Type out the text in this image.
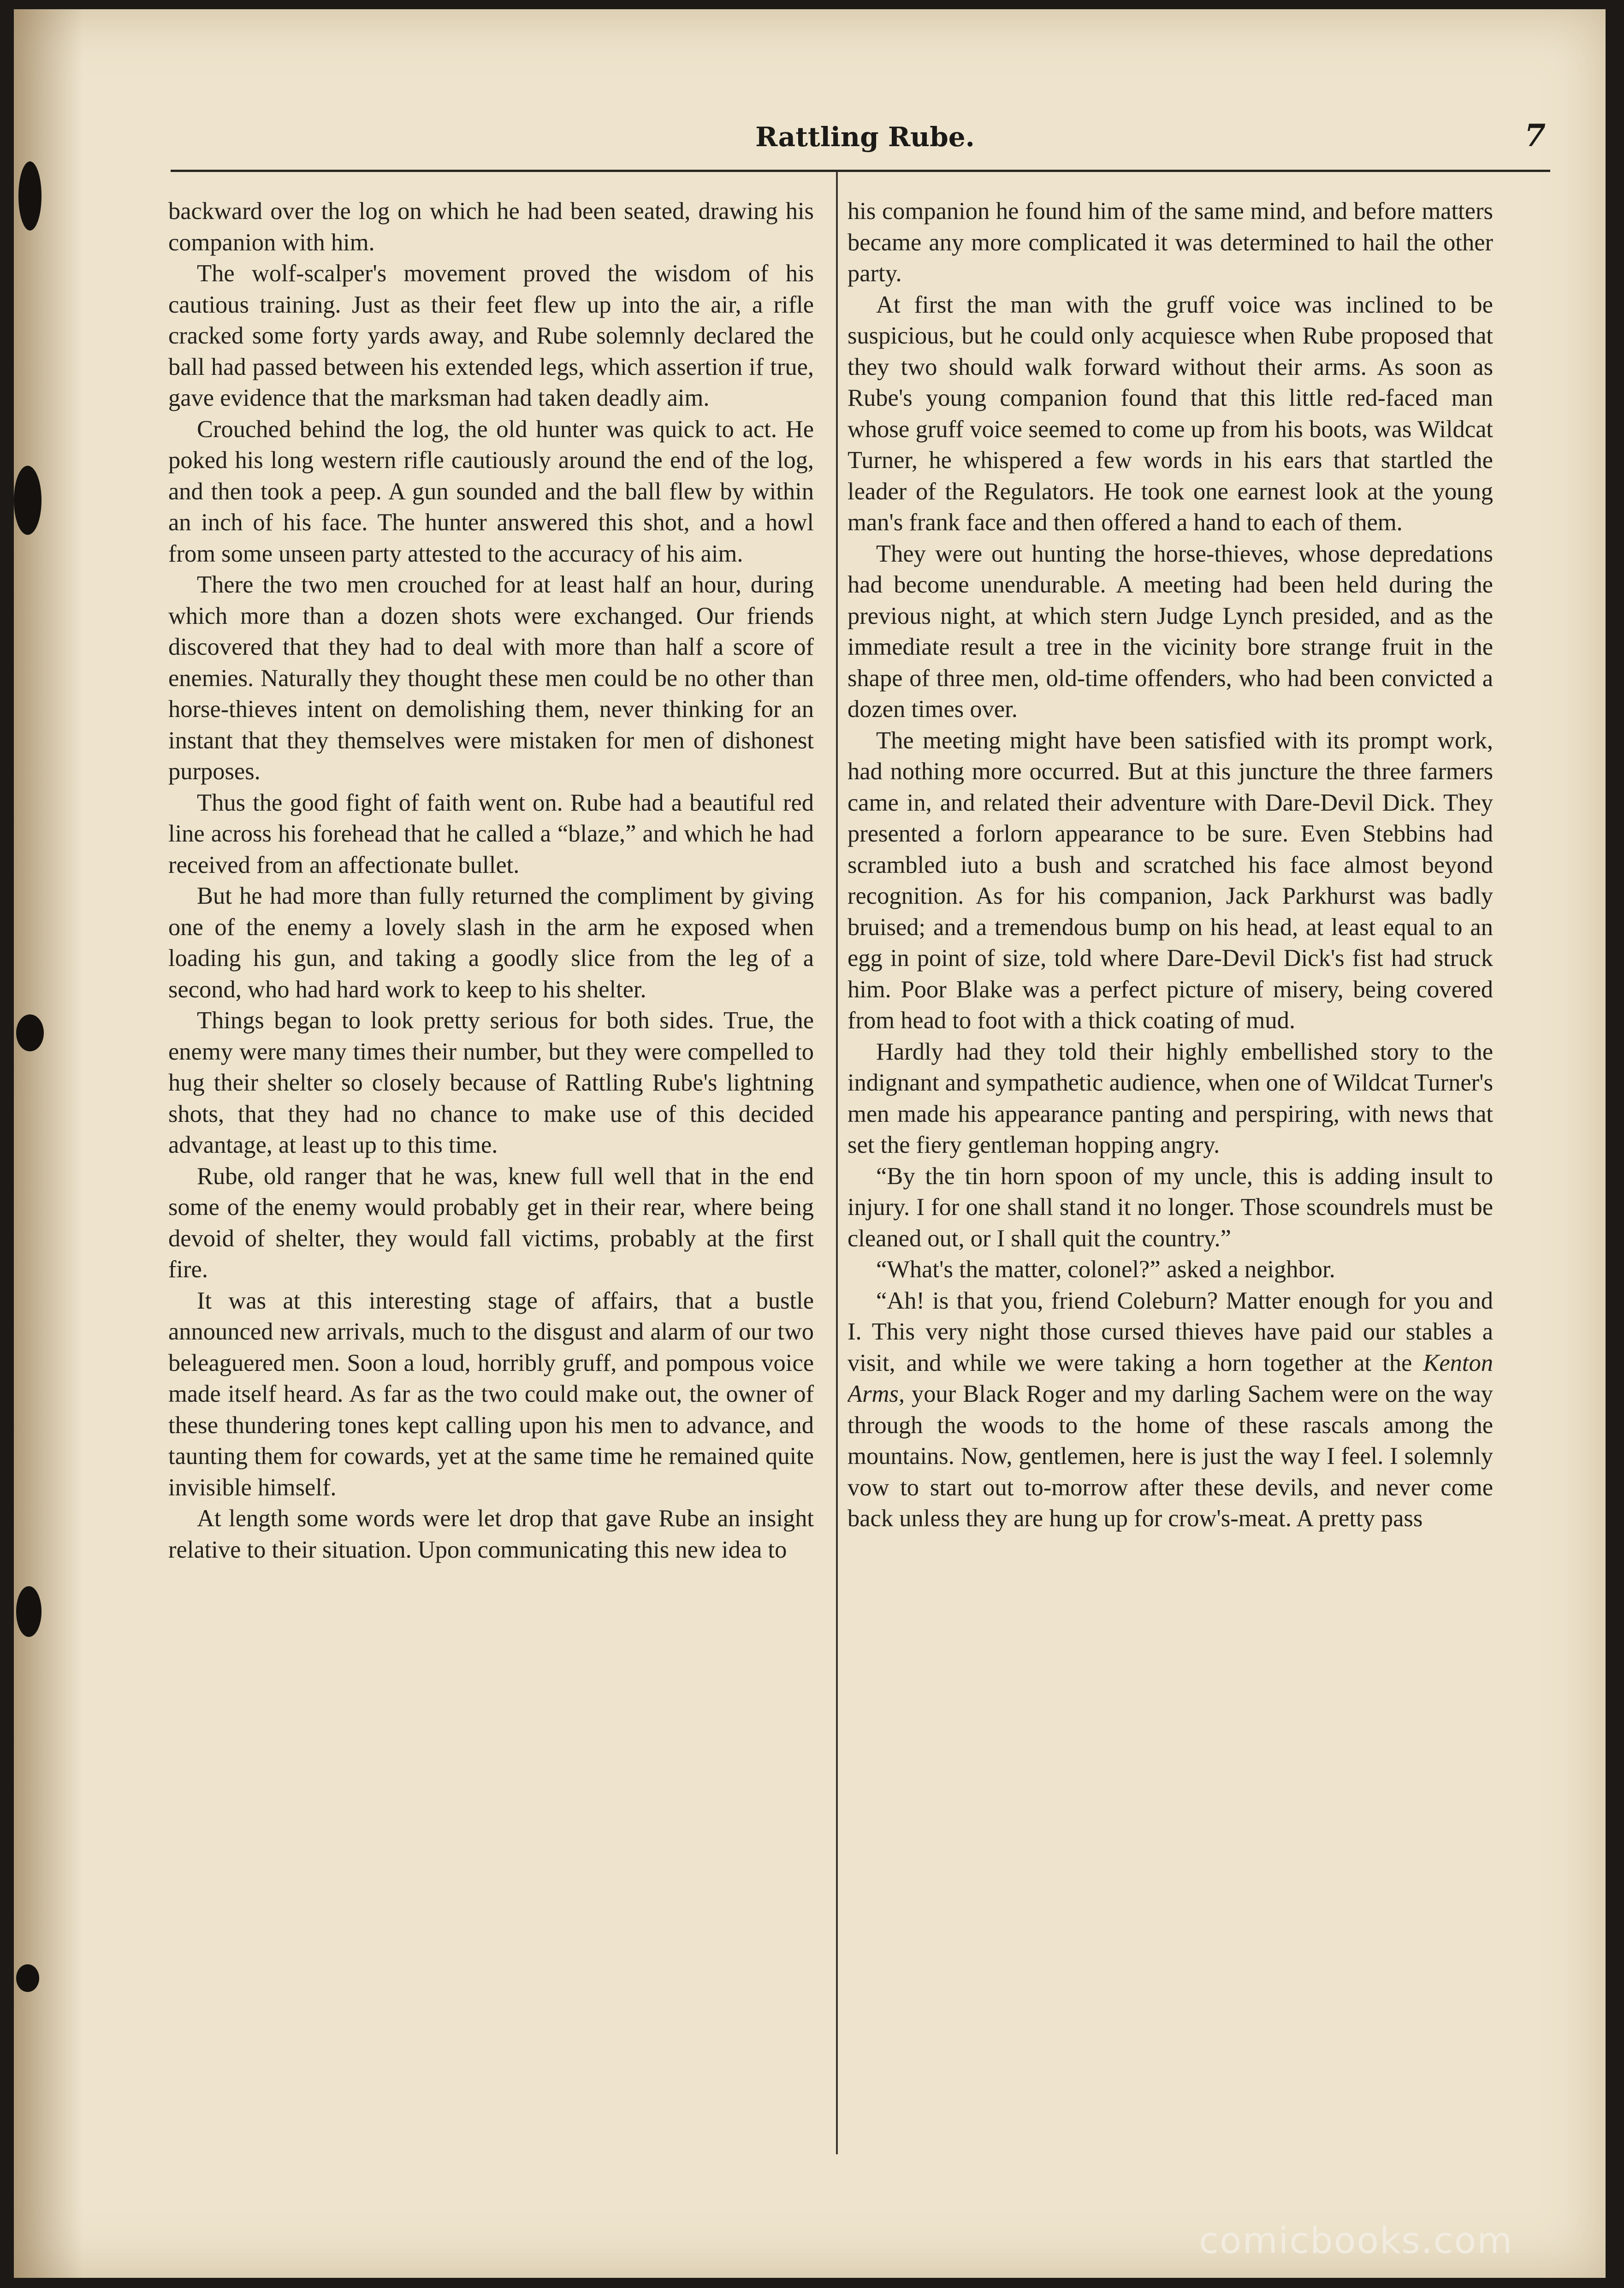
Rattling Rube.	7

backward over the log on which he had been seated, drawing his companion with him.

The wolf-scalper's movement proved the wisdom of his cautious training. Just as their feet flew up into the air, a rifle cracked some forty yards away, and Rube solemnly declared the ball had passed between his extended legs, which assertion if true, gave evidence that the marksman had taken deadly aim.

Crouched behind the log, the old hunter was quick to act. He poked his long western rifle cautiously around the end of the log, and then took a peep. A gun sounded and the ball flew by within an inch of his face. The hunter answered this shot, and a howl from some unseen party attested to the accuracy of his aim.

There the two men crouched for at least half an hour, during which more than a dozen shots were exchanged. Our friends discovered that they had to deal with more than half a score of enemies. Naturally they thought these men could be no other than horse-thieves intent on demolishing them, never thinking for an instant that they themselves were mistaken for men of dishonest purposes.

Thus the good fight of faith went on. Rube had a beautiful red line across his forehead that he called a “blaze,” and which he had received from an affectionate bullet.

But he had more than fully returned the compliment by giving one of the enemy a lovely slash in the arm he exposed when loading his gun, and taking a goodly slice from the leg of a second, who had hard work to keep to his shelter.

Things began to look pretty serious for both sides. True, the enemy were many times their number, but they were compelled to hug their shelter so closely because of Rattling Rube's lightning shots, that they had no chance to make use of this decided advantage, at least up to this time.

Rube, old ranger that he was, knew full well that in the end some of the enemy would probably get in their rear, where being devoid of shelter, they would fall victims, probably at the first fire.

It was at this interesting stage of affairs, that a bustle announced new arrivals, much to the disgust and alarm of our two beleaguered men. Soon a loud, horribly gruff, and pompous voice made itself heard. As far as the two could make out, the owner of these thundering tones kept calling upon his men to advance, and taunting them for cowards, yet at the same time he remained quite invisible himself.

At length some words were let drop that gave Rube an insight relative to their situation. Upon communicating this new idea to

his companion he found him of the same mind, and before matters became any more complicated it was determined to hail the other party.

At first the man with the gruff voice was inclined to be suspicious, but he could only acquiesce when Rube proposed that they two should walk forward without their arms. As soon as Rube's young companion found that this little red-faced man whose gruff voice seemed to come up from his boots, was Wildcat Turner, he whispered a few words in his ears that startled the leader of the Regulators. He took one earnest look at the young man's frank face and then offered a hand to each of them.

They were out hunting the horse-thieves, whose depredations had become unendurable. A meeting had been held during the previous night, at which stern Judge Lynch presided, and as the immediate result a tree in the vicinity bore strange fruit in the shape of three men, old-time offenders, who had been convicted a dozen times over.

The meeting might have been satisfied with its prompt work, had nothing more occurred. But at this juncture the three farmers came in, and related their adventure with Dare-Devil Dick. They presented a forlorn appearance to be sure. Even Stebbins had scrambled iuto a bush and scratched his face almost beyond recognition. As for his companion, Jack Parkhurst was badly bruised; and a tremendous bump on his head, at least equal to an egg in point of size, told where Dare-Devil Dick's fist had struck him. Poor Blake was a perfect picture of misery, being covered from head to foot with a thick coating of mud.

Hardly had they told their highly embellished story to the indignant and sympathetic audience, when one of Wildcat Turner's men made his appearance panting and perspiring, with news that set the fiery gentleman hopping angry.

“By the tin horn spoon of my uncle, this is adding insult to injury. I for one shall stand it no longer. Those scoundrels must be cleaned out, or I shall quit the country.”

“What's the matter, colonel?” asked a neighbor.

“Ah! is that you, friend Coleburn? Matter enough for you and I. This very night those cursed thieves have paid our stables a visit, and while we were taking a horn together at the Kenton Arms, your Black Roger and my darling Sachem were on the way through the woods to the home of these rascals among the mountains. Now, gentlemen, here is just the way I feel. I solemnly vow to start out to-morrow after these devils, and never come back unless they are hung up for crow's-meat. A pretty pass

comicbooks.com
